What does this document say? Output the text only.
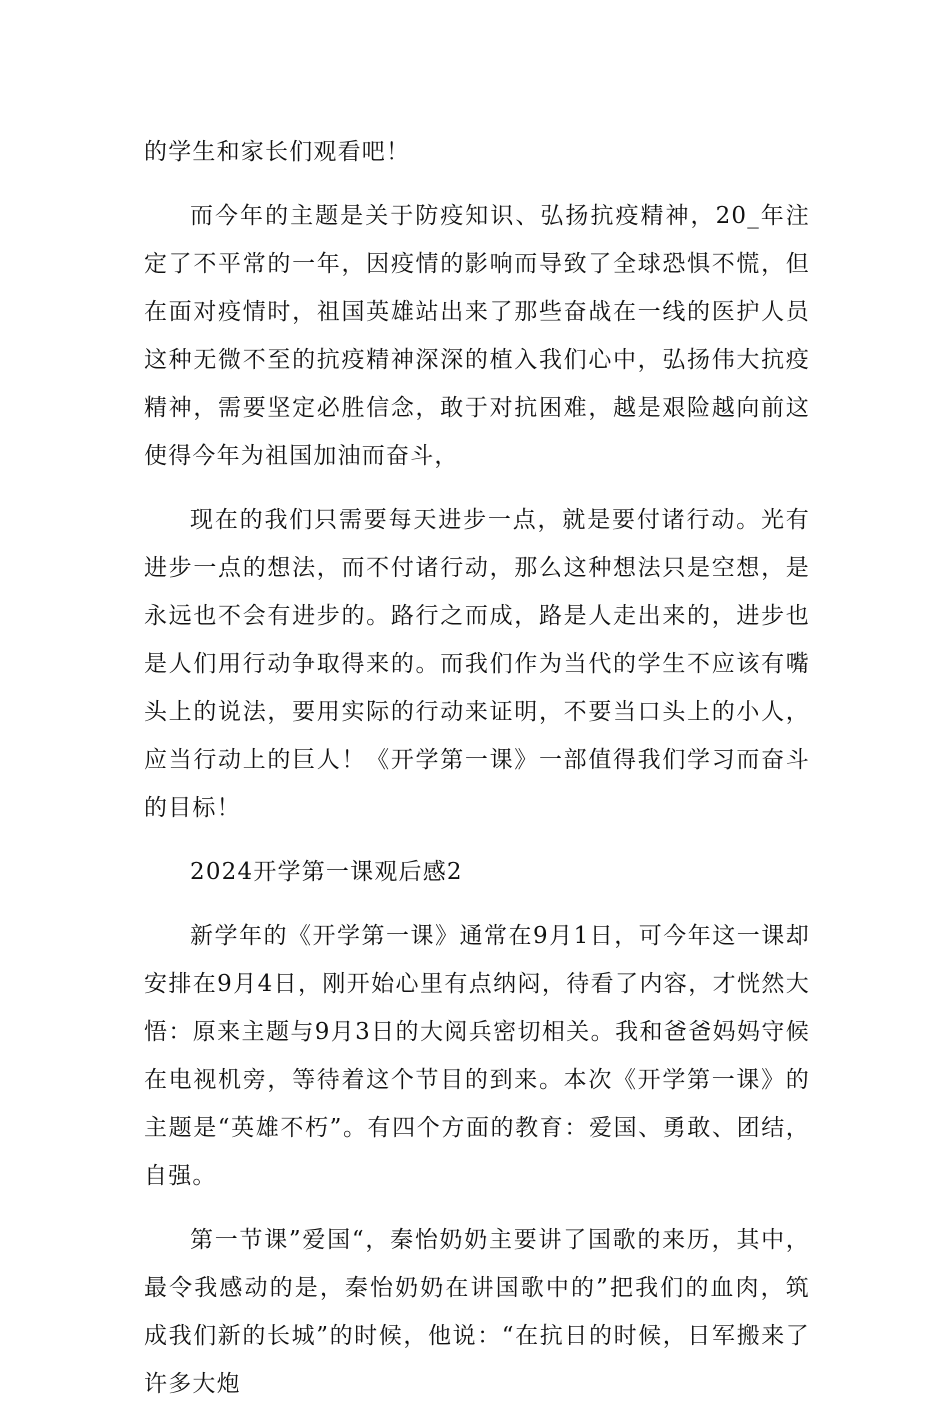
的学生和家长们观看吧！

而今年的主题是关于防疫知识、弘扬抗疫精神，20_年注定了不平常的一年，因疫情的影响而导致了全球恐惧不慌，但在面对疫情时，祖国英雄站出来了那些奋战在一线的医护人员这种无微不至的抗疫精神深深的植入我们心中，弘扬伟大抗疫精神，需要坚定必胜信念，敢于对抗困难，越是艰险越向前这使得今年为祖国加油而奋斗，

现在的我们只需要每天进步一点，就是要付诸行动。光有进步一点的想法，而不付诸行动，那么这种想法只是空想，是永远也不会有进步的。路行之而成，路是人走出来的，进步也是人们用行动争取得来的。而我们作为当代的学生不应该有嘴头上的说法，要用实际的行动来证明，不要当口头上的小人，应当行动上的巨人！《开学第一课》一部值得我们学习而奋斗的目标！

2024开学第一课观后感2

新学年的《开学第一课》通常在9月1日，可今年这一课却安排在9月4日，刚开始心里有点纳闷，待看了内容，才恍然大悟：原来主题与9月3日的大阅兵密切相关。我和爸爸妈妈守候在电视机旁，等待着这个节目的到来。本次《开学第一课》的主题是“英雄不朽”。有四个方面的教育：爱国、勇敢、团结，自强。

第一节课”爱国“，秦怡奶奶主要讲了国歌的来历，其中，最令我感动的是，秦怡奶奶在讲国歌中的”把我们的血肉，筑成我们新的长城”的时候，他说：“在抗日的时候，日军搬来了许多大炮
